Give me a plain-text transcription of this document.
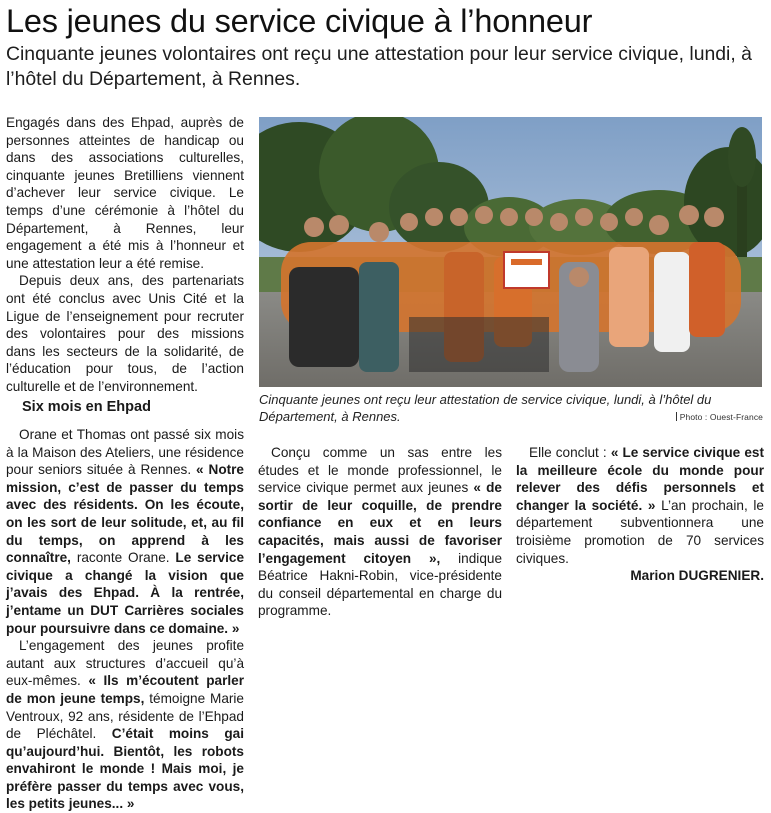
Les jeunes du service civique à l’honneur

Cinquante jeunes volontaires ont reçu une attestation pour leur service civique, lundi, à l’hôtel du Département, à Rennes.

Engagés dans des Ehpad, auprès de personnes atteintes de handicap ou dans des associations culturelles, cinquante jeunes Bretilliens viennent d’achever leur service civique. Le temps d’une cérémonie à l’hôtel du Département, à Rennes, leur engagement a été mis à l’honneur et une attestation leur a été remise.

Depuis deux ans, des partenariats ont été conclus avec Unis Cité et la Ligue de l’enseignement pour recruter des volontaires pour des missions dans les secteurs de la solidarité, de l’éducation pour tous, de l’action culturelle et de l’environnement.

Six mois en Ehpad

Orane et Thomas ont passé six mois à la Maison des Ateliers, une résidence pour seniors située à Rennes. « Notre mission, c’est de passer du temps avec des résidents. On les écoute, on les sort de leur solitude, et, au fil du temps, on apprend à les connaître, raconte Orane. Le service civique a changé la vision que j’avais des Ehpad. À la rentrée, j’entame un DUT Carrières sociales pour poursuivre dans ce domaine. »

L’engagement des jeunes profite autant aux structures d’accueil qu’à eux-mêmes. « Ils m’écoutent parler de mon jeune temps, témoigne Marie Ventroux, 92 ans, résidente de l’Ehpad de Pléchâtel. C’était moins gai qu’aujourd’hui. Bientôt, les robots envahiront le monde ! Mais moi, je préfère passer du temps avec vous, les petits jeunes... »

Conçu comme un sas entre les études et le monde professionnel, le service civique permet aux jeunes « de sortir de leur coquille, de prendre confiance en eux et en leurs capacités, mais aussi de favoriser l’engagement citoyen », indique Béatrice Hakni-Robin, vice-présidente du conseil départemental en charge du programme.

Elle conclut : « Le service civique est la meilleure école du monde pour relever des défis personnels et changer la société. » L’an prochain, le département subventionnera une troisième promotion de 70 services civiques.

Marion DUGRENIER.

Cinquante jeunes ont reçu leur attestation de service civique, lundi, à l’hôtel du Département, à Rennes.	Photo : Ouest-France
